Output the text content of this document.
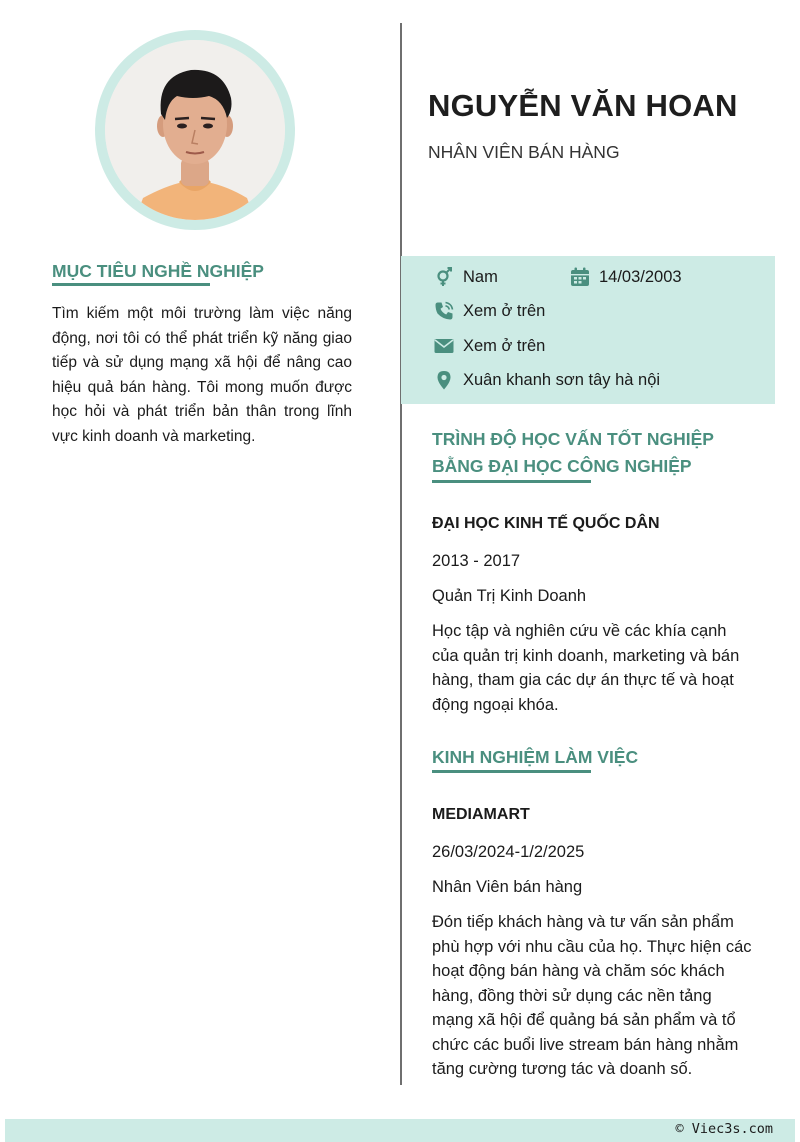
MỤC TIÊU NGHỀ NGHIỆP

Tìm kiếm một môi trường làm việc năng động, nơi tôi có thể phát triển kỹ năng giao tiếp và sử dụng mạng xã hội để nâng cao hiệu quả bán hàng. Tôi mong muốn được học hỏi và phát triển bản thân trong lĩnh vực kinh doanh và marketing.

NGUYỄN VĂN HOAN

NHÂN VIÊN BÁN HÀNG

Nam	14/03/2003
Xem ở trên
Xem ở trên
Xuân khanh sơn tây hà nội
TRÌNH ĐỘ HỌC VẤN TỐT NGHIỆP
BẰNG ĐẠI HỌC CÔNG NGHIỆP

ĐẠI HỌC KINH TẾ QUỐC DÂN

2013 - 2017

Quản Trị Kinh Doanh

Học tập và nghiên cứu về các khía cạnh của quản trị kinh doanh, marketing và bán hàng, tham gia các dự án thực tế và hoạt động ngoại khóa.

KINH NGHIỆM LÀM VIỆC

MEDIAMART

26/03/2024-1/2/2025

Nhân Viên bán hàng

Đón tiếp khách hàng và tư vấn sản phẩm phù hợp với nhu cầu của họ. Thực hiện các hoạt động bán hàng và chăm sóc khách hàng, đồng thời sử dụng các nền tảng mạng xã hội để quảng bá sản phẩm và tổ chức các buổi live stream bán hàng nhằm tăng cường tương tác và doanh số.

© Viec3s.com
